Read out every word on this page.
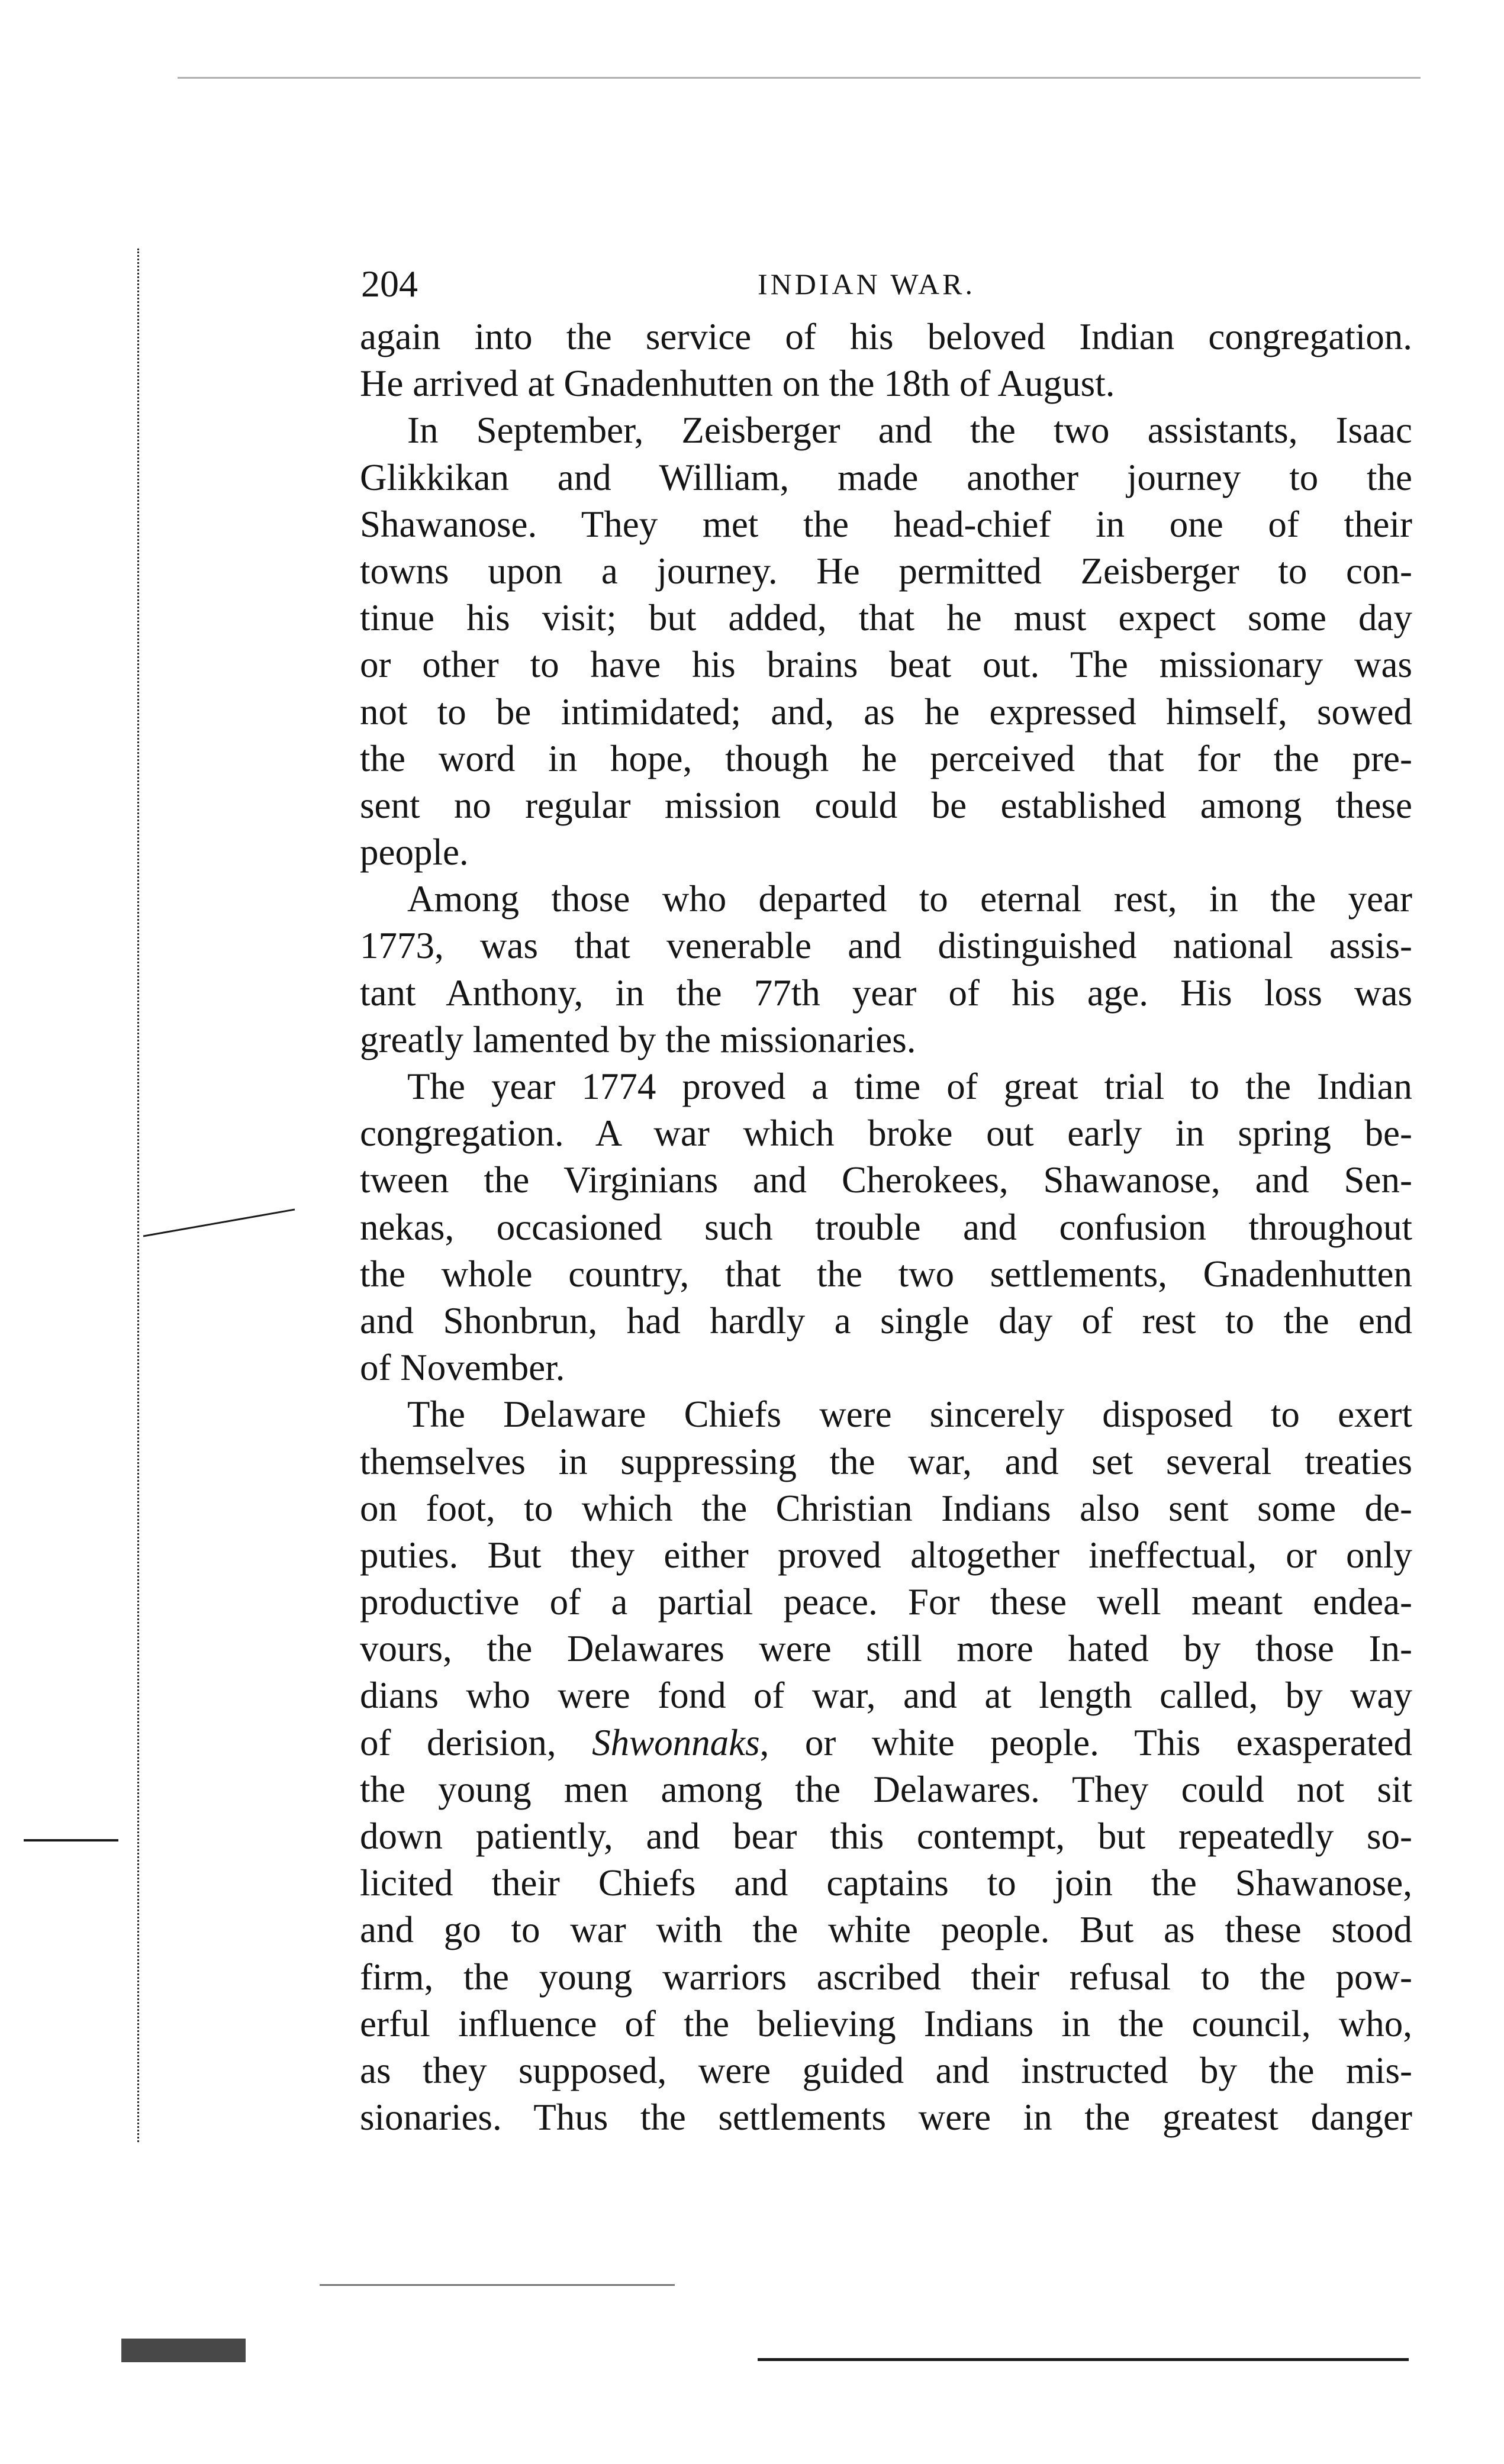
204	INDIAN WAR.
again into the service of his beloved Indian congregation.
He arrived at Gnadenhutten on the 18th of August.
In September, Zeisberger and the two assistants, Isaac
Glikkikan and William, made another journey to the
Shawanose. They met the head-chief in one of their
towns upon a journey. He permitted Zeisberger to con-
tinue his visit; but added, that he must expect some day
or other to have his brains beat out. The missionary was
not to be intimidated; and, as he expressed himself, sowed
the word in hope, though he perceived that for the pre-
sent no regular mission could be established among these
people.
Among those who departed to eternal rest, in the year
1773, was that venerable and distinguished national assis-
tant Anthony, in the 77th year of his age. His loss was
greatly lamented by the missionaries.
The year 1774 proved a time of great trial to the Indian
congregation. A war which broke out early in spring be-
tween the Virginians and Cherokees, Shawanose, and Sen-
nekas, occasioned such trouble and confusion throughout
the whole country, that the two settlements, Gnadenhutten
and Shonbrun, had hardly a single day of rest to the end
of November.
The Delaware Chiefs were sincerely disposed to exert
themselves in suppressing the war, and set several treaties
on foot, to which the Christian Indians also sent some de-
puties. But they either proved altogether ineffectual, or only
productive of a partial peace. For these well meant endea-
vours, the Delawares were still more hated by those In-
dians who were fond of war, and at length called, by way
of derision, Shwonnaks, or white people. This exasperated
the young men among the Delawares. They could not sit
down patiently, and bear this contempt, but repeatedly so-
licited their Chiefs and captains to join the Shawanose,
and go to war with the white people. But as these stood
firm, the young warriors ascribed their refusal to the pow-
erful influence of the believing Indians in the council, who,
as they supposed, were guided and instructed by the mis-
sionaries. Thus the settlements were in the greatest danger
